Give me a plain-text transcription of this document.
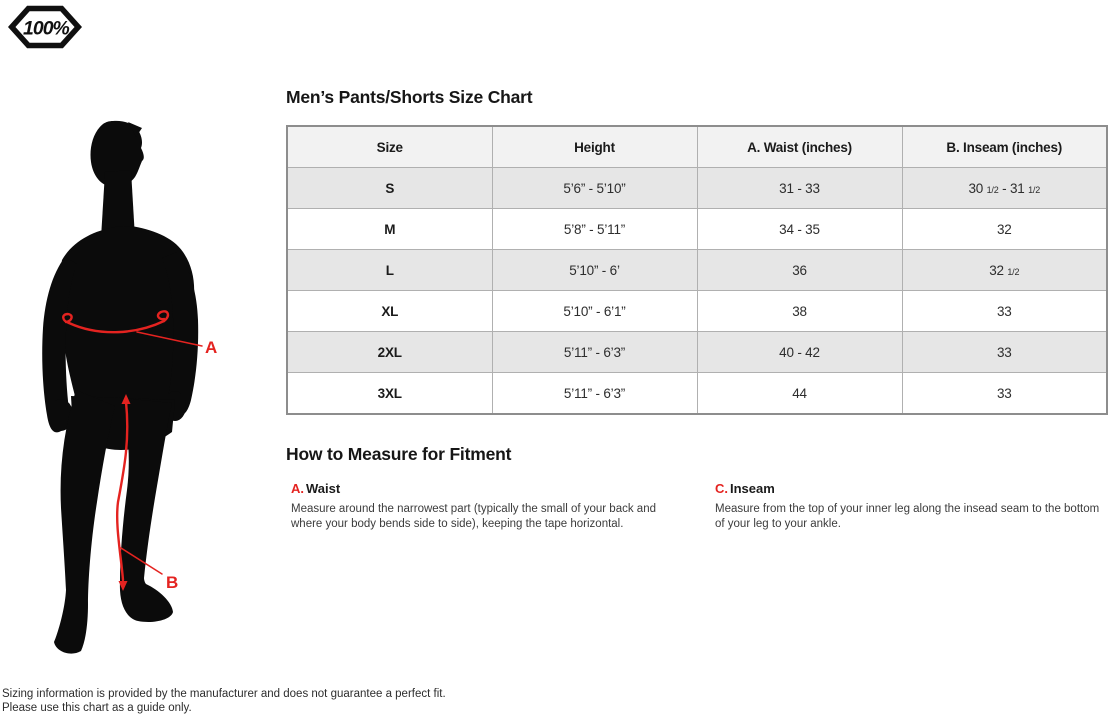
100%
A
B
Men’s Pants/Shorts Size Chart
Size	Height	A. Waist (inches)	B. Inseam (inches)
S	5’6” - 5’10”	31 - 33	30 1/2 - 31 1/2
M	5’8” - 5’11”	34 - 35	32
L	5’10” - 6’	36	32 1/2
XL	5’10” - 6’1”	38	33
2XL	5’11” - 6’3”	40 - 42	33
3XL	5’11” - 6’3”	44	33
How to Measure for Fitment
A. Waist

Measure around the narrowest part (typically the small of your back and where your body bends side to side), keeping the tape horizontal.

C. Inseam

Measure from the top of your inner leg along the insead seam to the bottom of your leg to your ankle.

Sizing information is provided by the manufacturer and does not guarantee a perfect fit.
Please use this chart as a guide only.
